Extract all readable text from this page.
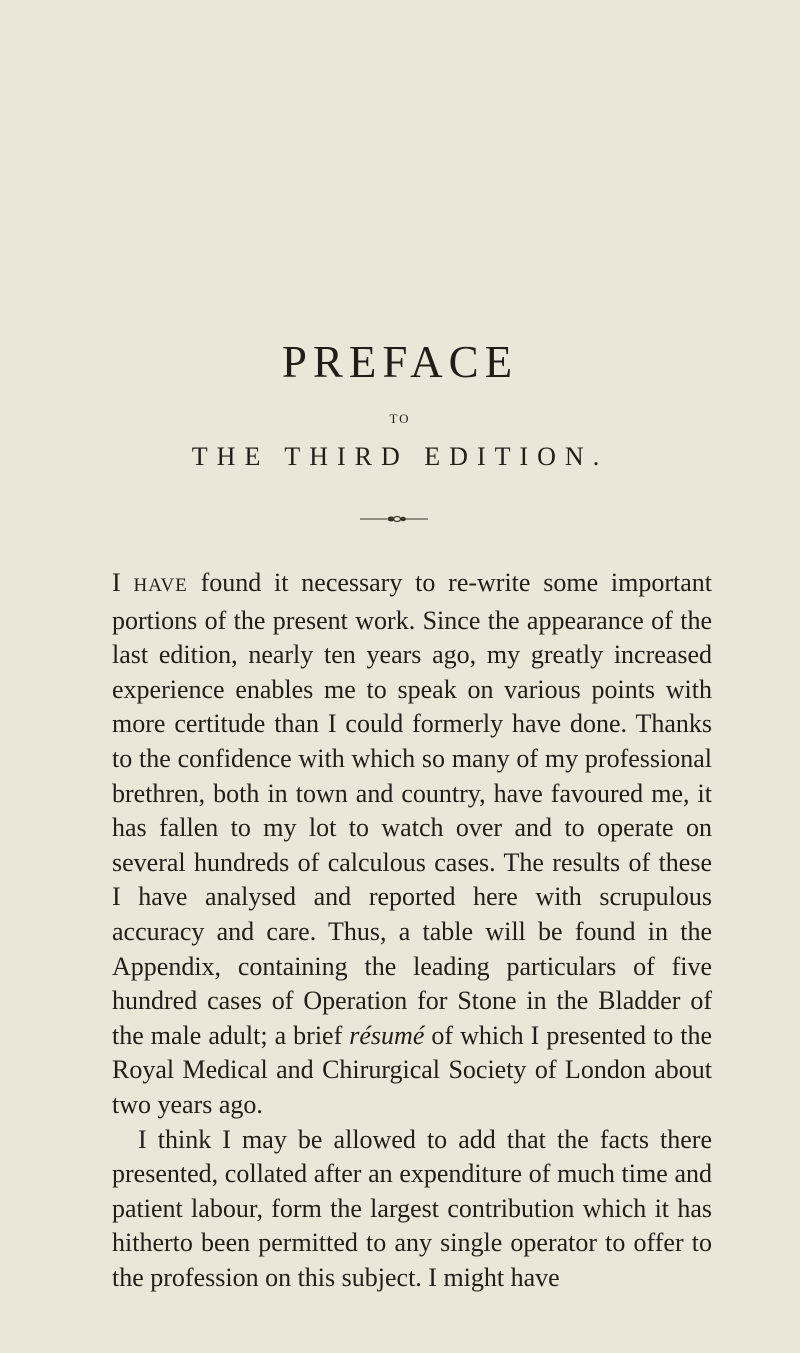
PREFACE
TO
THE THIRD EDITION.

I HAVE found it necessary to re-write some important portions of the present work. Since the appearance of the last edition, nearly ten years ago, my greatly increased experience enables me to speak on various points with more certitude than I could formerly have done. Thanks to the confidence with which so many of my professional brethren, both in town and country, have favoured me, it has fallen to my lot to watch over and to operate on several hundreds of calculous cases. The results of these I have analysed and reported here with scrupulous accuracy and care. Thus, a table will be found in the Appendix, containing the leading particulars of five hundred cases of Operation for Stone in the Bladder of the male adult; a brief résumé of which I presented to the Royal Medical and Chirurgical Society of London about two years ago.

I think I may be allowed to add that the facts there presented, collated after an expenditure of much time and patient labour, form the largest contribution which it has hitherto been permitted to any single operator to offer to the profession on this subject. I might have
